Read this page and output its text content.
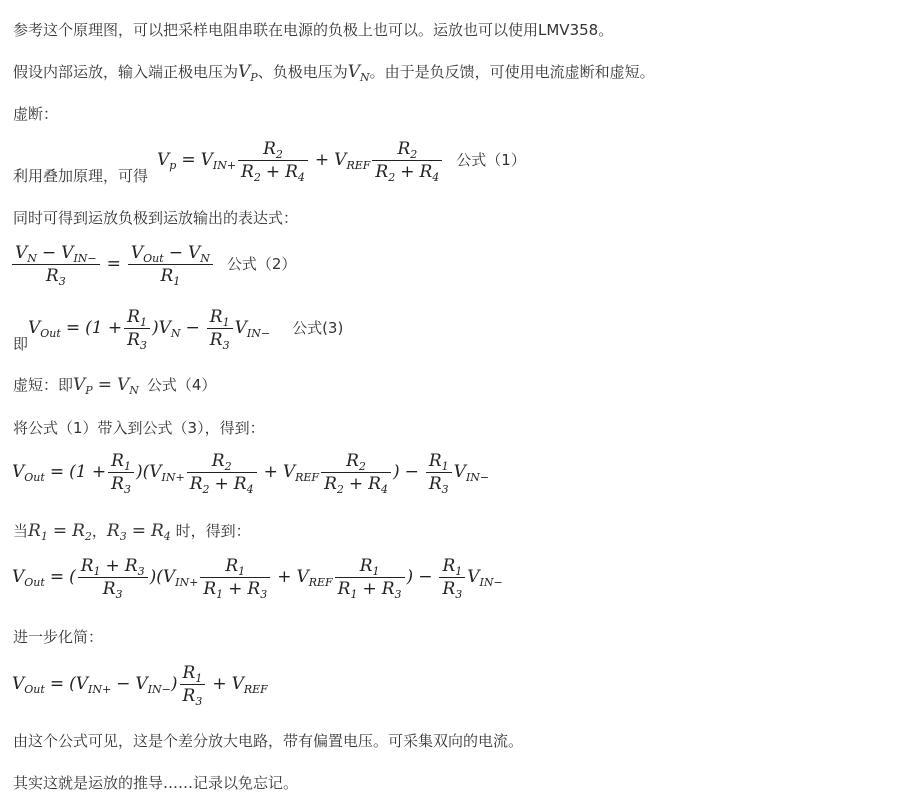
参考这个原理图，可以把采样电阻串联在电源的负极上也可以。运放也可以使用LMV358。
假设内部运放，输入端正极电压为$V_P$、负极电压为$V_N$。由于是负反馈，可使用电流虚断和虚短。
虚断：
利用叠加原理，可得
$V_p = V_{IN+} \frac{R_2}{R_2 + R_4} + V_{REF} \frac{R_2}{R_2 + R_4}$ 公式（1）
同时可得到运放负极到运放输出的表达式：
$V_N - V_{IN-}$
$R_3$
=
$V_{Out} - V_N$
$R_1$
公式（2）
即
$V_{Out} = (1 + \frac{R_1}{R_3} )V_N - \frac{R_1}{R_3} V_{IN-}$ 公式(3)
虚短：即$V_P = V_N$ 公式（4）
将公式（1）带入到公式（3），得到：
$V_{Out} = (1 + \frac{R_1}{R_3} )(V_{IN+} \frac{R_2}{R_2 + R_4} + V_{REF} \frac{R_2}{R_2 + R_4}$ ) − $\frac{R_1}{R_3} V_{IN-}$
当$R_1 = R_2$，$R_3 = R_4$ 时，得到：
$V_{Out}$ = ( $\frac{R_1 + R_3}{R_3} )(V_{IN+} \frac{R_1}{R_1 + R_3} + V_{REF} \frac{R_1}{R_1 + R_3}$ ) − $\frac{R_1}{R_3} V_{IN-}$
进一步化简：
$V_{Out} = (V_{IN+} - V_{IN-}) \frac{R_1}{R_3} + V_{REF}$
由这个公式可见，这是个差分放大电路，带有偏置电压。可采集双向的电流。
其实这就是运放的推导……记录以免忘记。
